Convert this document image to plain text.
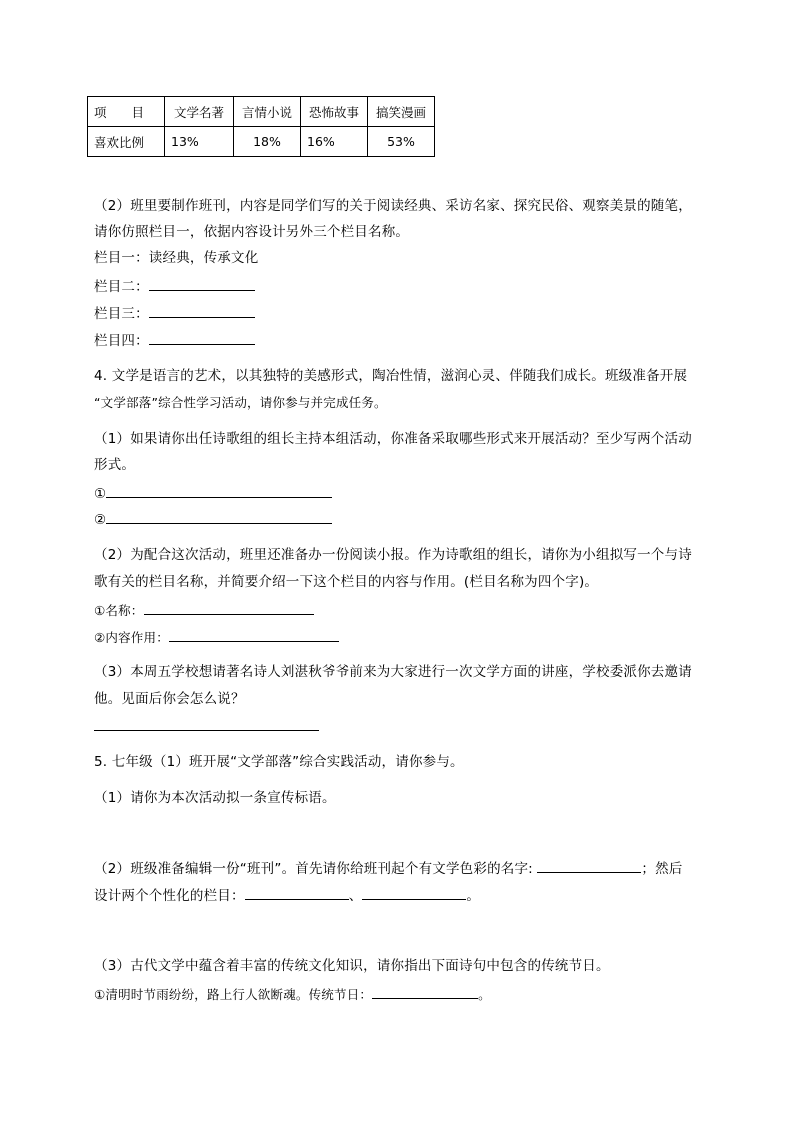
项　　目	文学名著	言情小说	恐怖故事	搞笑漫画
喜欢比例	13%	18%	16%	53%
（2）班里要制作班刊，内容是同学们写的关于阅读经典、采访名家、探究民俗、观察美景的随笔，
请你仿照栏目一，依据内容设计另外三个栏目名称。
栏目一：读经典，传承文化
栏目二：
栏目三：
栏目四：
4. 文学是语言的艺术，以其独特的美感形式，陶冶性情，滋润心灵、伴随我们成长。班级准备开展
“文学部落”综合性学习活动，请你参与并完成任务。
（1）如果请你出任诗歌组的组长主持本组活动，你准备采取哪些形式来开展活动？至少写两个活动
形式。
①
②
（2）为配合这次活动，班里还准备办一份阅读小报。作为诗歌组的组长，请你为小组拟写一个与诗
歌有关的栏目名称，并简要介绍一下这个栏目的内容与作用。(栏目名称为四个字)。
①名称：
②内容作用：
（3）本周五学校想请著名诗人刘湛秋爷爷前来为大家进行一次文学方面的讲座，学校委派你去邀请
他。见面后你会怎么说？
5. 七年级（1）班开展“文学部落”综合实践活动，请你参与。
（1）请你为本次活动拟一条宣传标语。
（2）班级准备编辑一份“班刊”。首先请你给班刊起个有文学色彩的名字:	；然后
设计两个个性化的栏目：	、	。
（3）古代文学中蕴含着丰富的传统文化知识，请你指出下面诗句中包含的传统节日。
①清明时节雨纷纷，路上行人欲断魂。传统节日：	。
